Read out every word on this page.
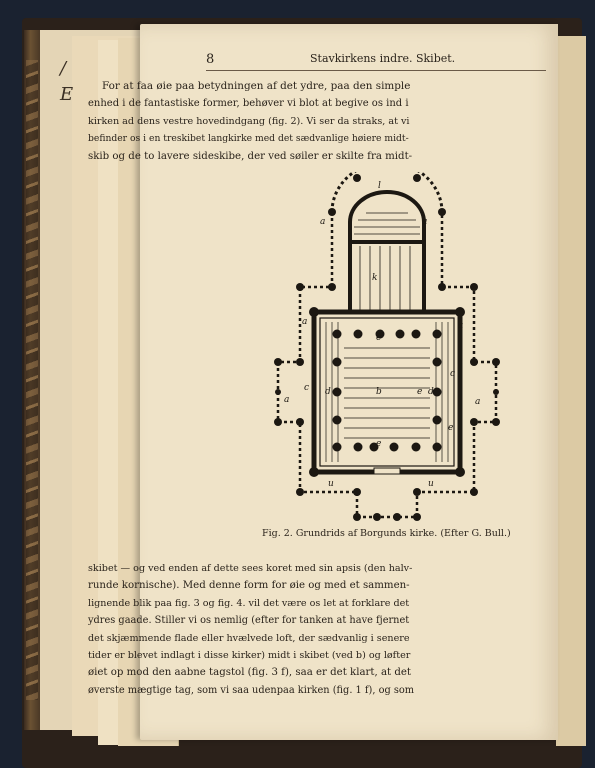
/
E
8	Stavkirkens indre. Skibet.

For at faa øie paa betydningen af det ydre, paa den simple

enhed i de fantastiske former, behøver vi blot at begive os ind i

kirken ad dens vestre hovedindgang (fig. 2). Vi ser da straks, at vi

befinder os i en treskibet langkirke med det sædvanlige høiere midt-

skib og de to lavere sideskibe, der ved søiler er skilte fra midt-

l
a	a
k
a	a
e
c
c d e	b	e d
a	a
e
e
u	u
Fig. 2. Grundrids af Borgunds kirke. (Efter G. Bull.)

skibet — og ved enden af dette sees koret med sin apsis (den halv-

runde kornische). Med denne form for øie og med et sammen-

lignende blik paa fig. 3 og fig. 4. vil det være os let at forklare det

ydres gaade. Stiller vi os nemlig (efter for tanken at have fjernet

det skjæmmende flade eller hvælvede loft, der sædvanlig i senere

tider er blevet indlagt i disse kirker) midt i skibet (ved b) og løfter

øiet op mod den aabne tagstol (fig. 3 f), saa er det klart, at det

øverste mægtige tag, som vi saa udenpaa kirken (fig. 1 f), og som
